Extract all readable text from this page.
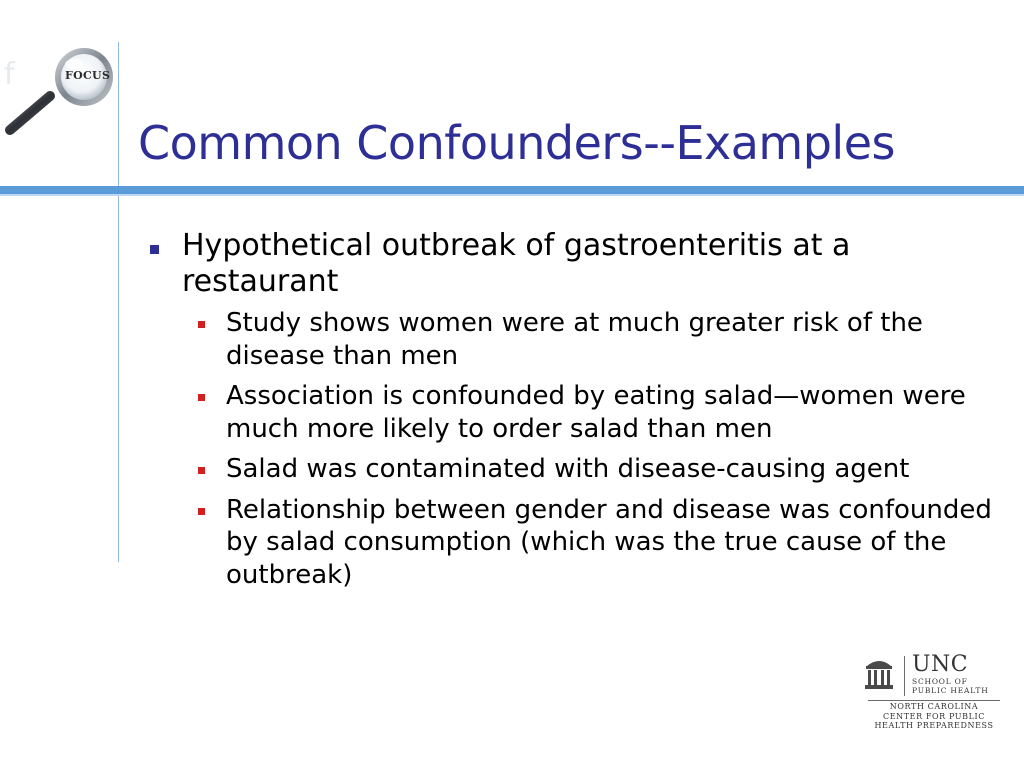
f	FOCUS
Common Confounders--Examples
Hypothetical outbreak of gastroenteritis at a restaurant
Study shows women were at much greater risk of the disease than men
Association is confounded by eating salad—women were much more likely to order salad than men
Salad was contaminated with disease-causing agent
Relationship between gender and disease was confounded by salad consumption (which was the true cause of the outbreak)
UNC
SCHOOL OF
PUBLIC HEALTH
NORTH CAROLINA
CENTER FOR PUBLIC
HEALTH PREPAREDNESS
